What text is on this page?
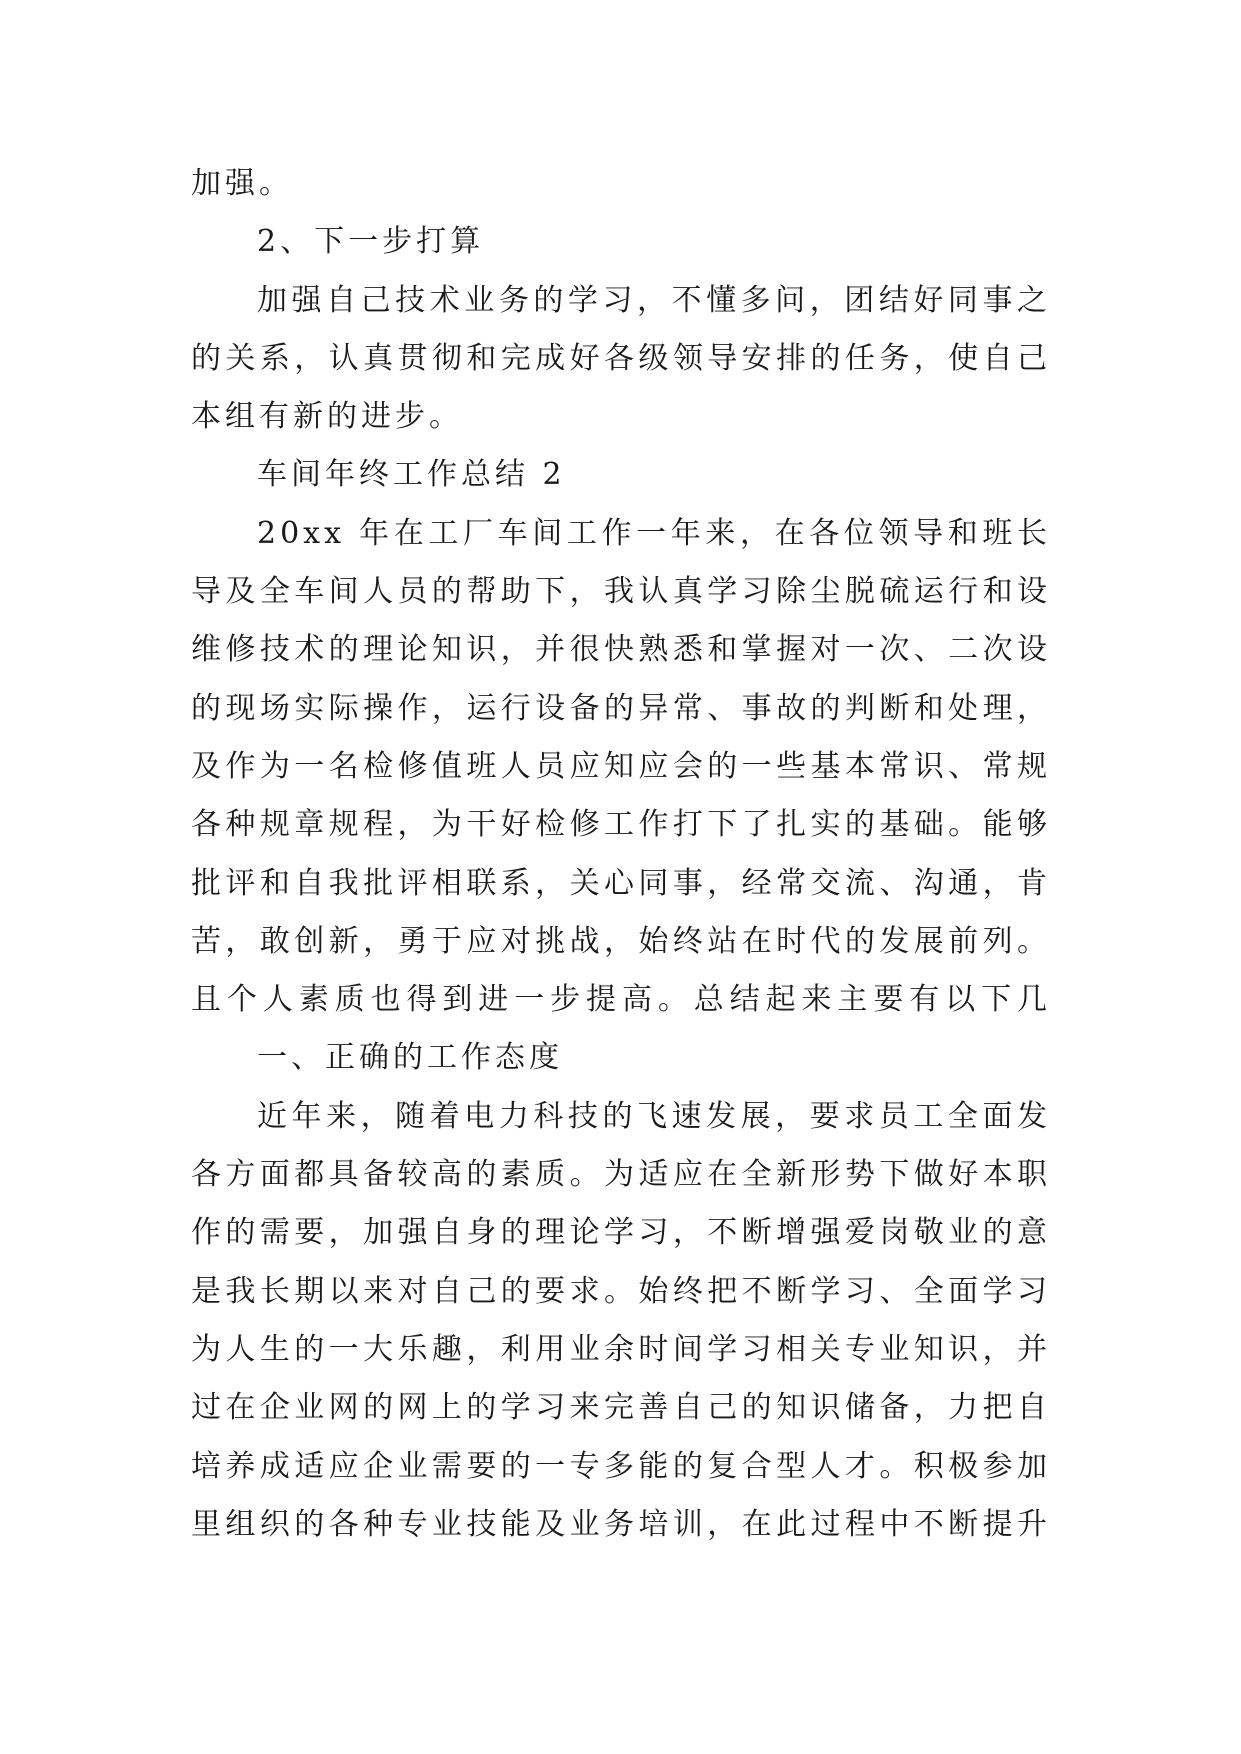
加强。
2、下一步打算
加强自己技术业务的学习，不懂多问，团结好同事之
的关系，认真贯彻和完成好各级领导安排的任务，使自己
本组有新的进步。
车间年终工作总结 2
20xx 年在工厂车间工作一年来，在各位领导和班长
导及全车间人员的帮助下，我认真学习除尘脱硫运行和设
维修技术的理论知识，并很快熟悉和掌握对一次、二次设
的现场实际操作，运行设备的异常、事故的判断和处理，
及作为一名检修值班人员应知应会的一些基本常识、常规
各种规章规程，为干好检修工作打下了扎实的基础。能够
批评和自我批评相联系，关心同事，经常交流、沟通，肯
苦，敢创新，勇于应对挑战，始终站在时代的发展前列。
且个人素质也得到进一步提高。总结起来主要有以下几
一、正确的工作态度
近年来，随着电力科技的飞速发展，要求员工全面发
各方面都具备较高的素质。为适应在全新形势下做好本职
作的需要，加强自身的理论学习，不断增强爱岗敬业的意
是我长期以来对自己的要求。始终把不断学习、全面学习
为人生的一大乐趣，利用业余时间学习相关专业知识，并
过在企业网的网上的学习来完善自己的知识储备，力把自
培养成适应企业需要的一专多能的复合型人才。积极参加
里组织的各种专业技能及业务培训，在此过程中不断提升
